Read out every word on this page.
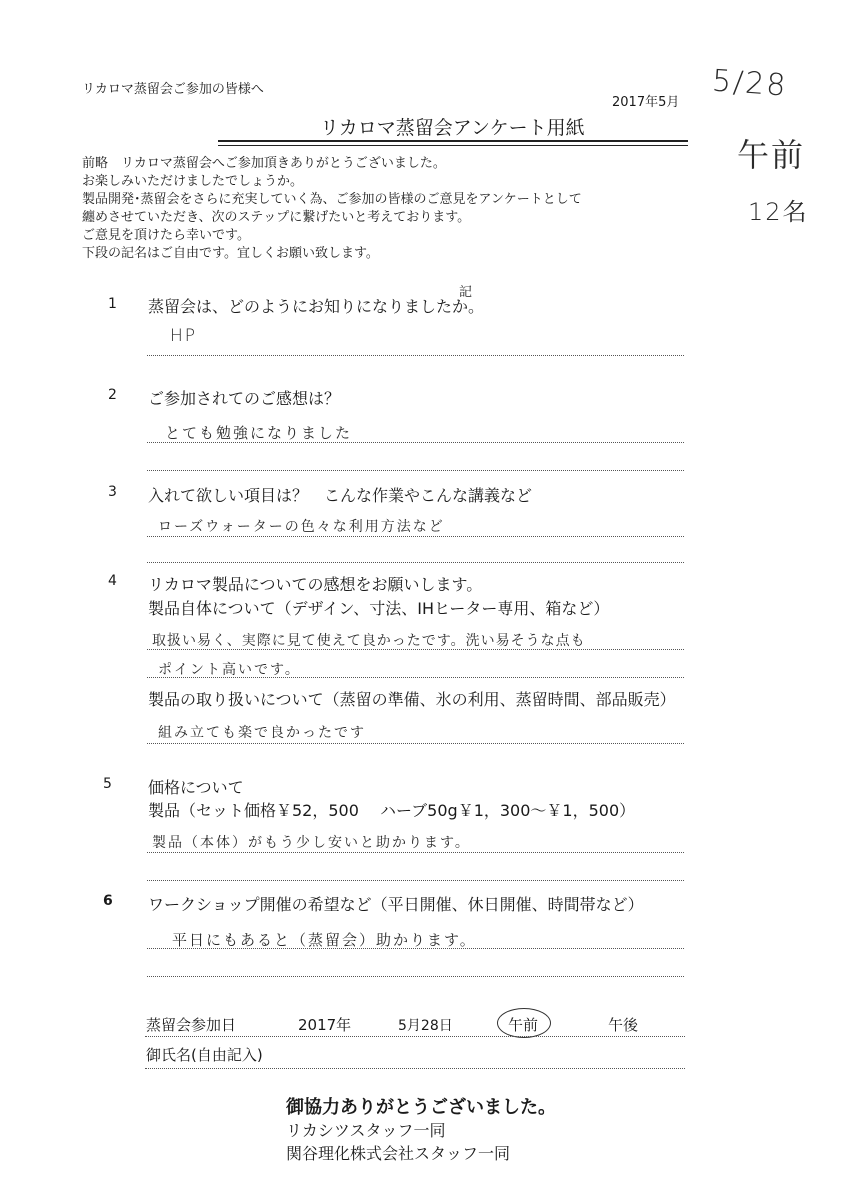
リカロマ蒸留会ご参加の皆様へ
2017年5月 5/28
午前
12名
リカロマ蒸留会アンケート用紙
前略　リカロマ蒸留会へご参加頂きありがとうございました。
お楽しみいただけましたでしょうか。
製品開発･蒸留会をさらに充実していく為、ご参加の皆様のご意見をアンケートとして
纏めさせていただき、次のステップに繋げたいと考えております。
ご意見を頂けたら幸いです。
下段の記名はご自由です。宜しくお願い致します。
記
1 蒸留会は、どのようにお知りになりましたか。
HP
2 ご参加されてのご感想は？
とても勉強になりました
3 入れて欲しい項目は？　こんな作業やこんな講義など
ローズウォーターの色々な利用方法など
4 リカロマ製品についての感想をお願いします。
製品自体について（デザイン、寸法、IHヒーター専用、箱など）
取扱い易く、実際に見て使えて良かったです。洗い易そうな点も
ポイント高いです。
製品の取り扱いについて（蒸留の準備、氷の利用、蒸留時間、部品販売）
組み立ても楽で良かったです
5 価格について
製品（セット価格￥52，500　 ハーブ50g￥1，300～￥1，500）
製品（本体）がもう少し安いと助かります。
6 ワークショップ開催の希望など（平日開催、休日開催、時間帯など）
平日にもあると（蒸留会）助かります。
蒸留会参加日	2017年	5月28日	午前	午後
御氏名(自由記入)
御協力ありがとうございました。
リカシツスタッフ一同
関谷理化株式会社スタッフ一同
